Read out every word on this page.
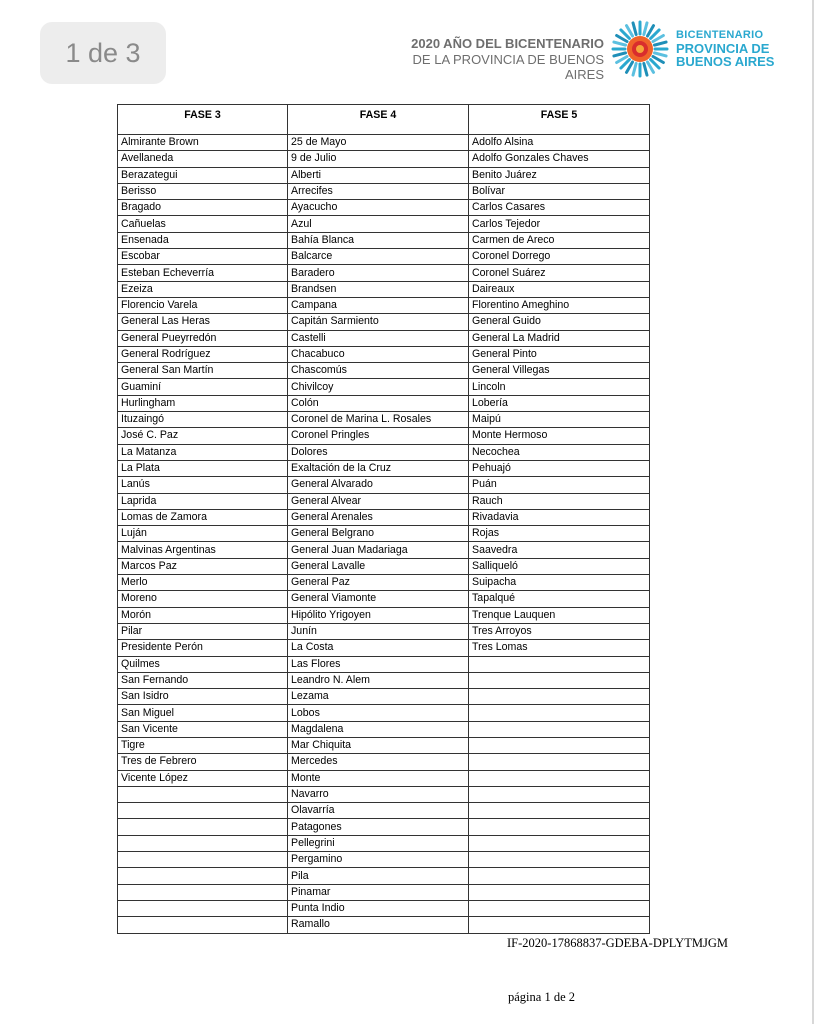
1 de 3	2020 AÑO DEL BICENTENARIO
DE LA PROVINCIA DE BUENOS AIRES
BICENTENARIO
PROVINCIA DE
BUENOS AIRES
FASE 3	FASE 4	FASE 5
Almirante Brown	25 de Mayo	Adolfo Alsina
Avellaneda	9 de Julio	Adolfo Gonzales Chaves
Berazategui	Alberti	Benito Juárez
Berisso	Arrecifes	Bolívar
Bragado	Ayacucho	Carlos Casares
Cañuelas	Azul	Carlos Tejedor
Ensenada	Bahía Blanca	Carmen de Areco
Escobar	Balcarce	Coronel Dorrego
Esteban Echeverría	Baradero	Coronel Suárez
Ezeiza	Brandsen	Daireaux
Florencio Varela	Campana	Florentino Ameghino
General Las Heras	Capitán Sarmiento	General Guido
General Pueyrredón	Castelli	General La Madrid
General Rodríguez	Chacabuco	General Pinto
General San Martín	Chascomús	General Villegas
Guaminí	Chivilcoy	Lincoln
Hurlingham	Colón	Lobería
Ituzaingó	Coronel de Marina L. Rosales	Maipú
José C. Paz	Coronel Pringles	Monte Hermoso
La Matanza	Dolores	Necochea
La Plata	Exaltación de la Cruz	Pehuajó
Lanús	General Alvarado	Puán
Laprida	General Alvear	Rauch
Lomas de Zamora	General Arenales	Rivadavia
Luján	General Belgrano	Rojas
Malvinas Argentinas	General Juan Madariaga	Saavedra
Marcos Paz	General Lavalle	Salliqueló
Merlo	General Paz	Suipacha
Moreno	General Viamonte	Tapalqué
Morón	Hipólito Yrigoyen	Trenque Lauquen
Pilar	Junín	Tres Arroyos
Presidente Perón	La Costa	Tres Lomas
Quilmes	Las Flores	
San Fernando	Leandro N. Alem	
San Isidro	Lezama	
San Miguel	Lobos	
San Vicente	Magdalena	
Tigre	Mar Chiquita	
Tres de Febrero	Mercedes	
Vicente López	Monte	
	Navarro	
	Olavarría	
	Patagones	
	Pellegrini	
	Pergamino	
	Pila	
	Pinamar	
	Punta Indio	
	Ramallo	
IF-2020-17868837-GDEBA-DPLYTMJGM
página 1 de 2
